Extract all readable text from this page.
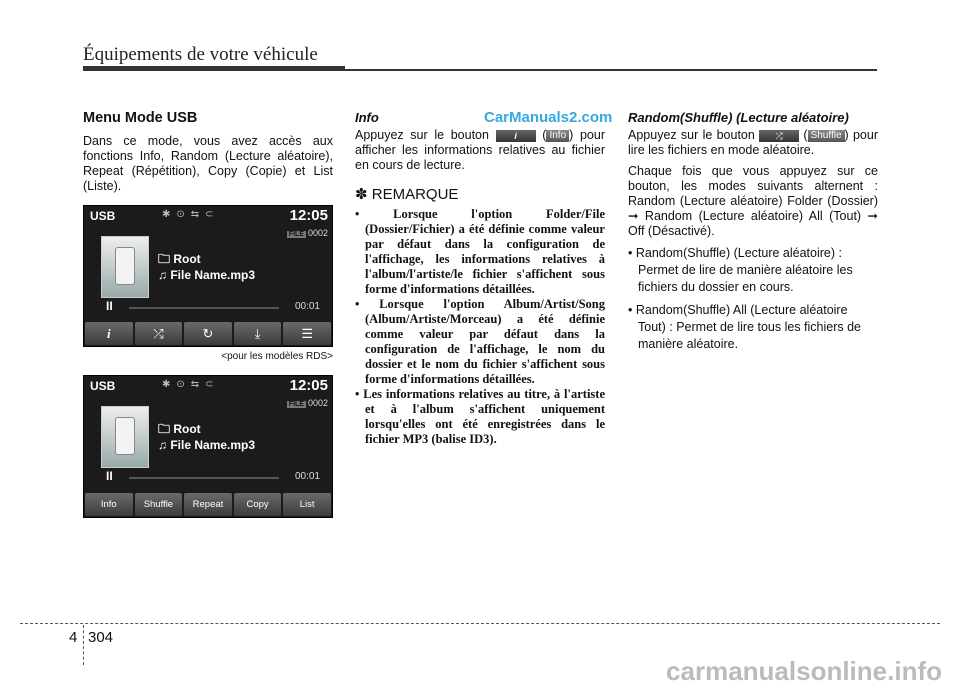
Équipements de votre véhicule
CarManuals2.com
Menu Mode USB

Dans ce mode, vous avez accès aux fonctions Info, Random (Lecture aléatoire), Repeat (Répétition), Copy (Copie) et List (Liste).

USB	✱⊙⇆⊂	12:05
FILE 0002
🗀 Root
♫ File Name.mp3
II	00:01
i	⤮	↻	⤓	☰
<pour les modèles RDS>
USB	✱⊙⇆⊂	12:05
FILE 0002
🗀 Root
♫ File Name.mp3
II	00:01
Info	Shuffle	Repeat	Copy	List
Info

Appuyez sur le bouton	i ( Info ) pour afficher les informations relatives au fichier en cours de lecture.

✽ REMARQUE
• Lorsque l'option Folder/File (Dossier/Fichier) a été définie comme valeur par défaut dans la configuration de l'affichage, les informations relatives à l'album/l'artiste/le fichier s'affichent sous forme d'informations détaillées.
• Lorsque l'option Album/Artist/Song (Album/Artiste/Morceau) a été définie comme valeur par défaut dans la configuration de l'affichage, le nom du dossier et le nom du fichier s'affichent sous forme d'informations détaillées.
• Les informations relatives au titre, à l'artiste et à l'album s'affichent uniquement lorsqu'elles ont été enregistrées dans le fichier MP3 (balise ID3).
Random(Shuffle) (Lecture aléatoire)

Appuyez sur le bouton ⤮ ( Shuffle ) pour lire les fichiers en mode aléatoire.

Chaque fois que vous appuyez sur ce bouton, les modes suivants alternent : Random (Lecture aléatoire) Folder (Dossier) ➞ Random (Lecture aléatoire) All (Tout) ➞ Off (Désactivé).

• Random(Shuffle) (Lecture aléatoire) : Permet de lire de manière aléatoire les fichiers du dossier en cours.
• Random(Shuffle) All (Lecture aléatoire Tout) : Permet de lire tous les fichiers de manière aléatoire.
4 304
carmanualsonline.info
